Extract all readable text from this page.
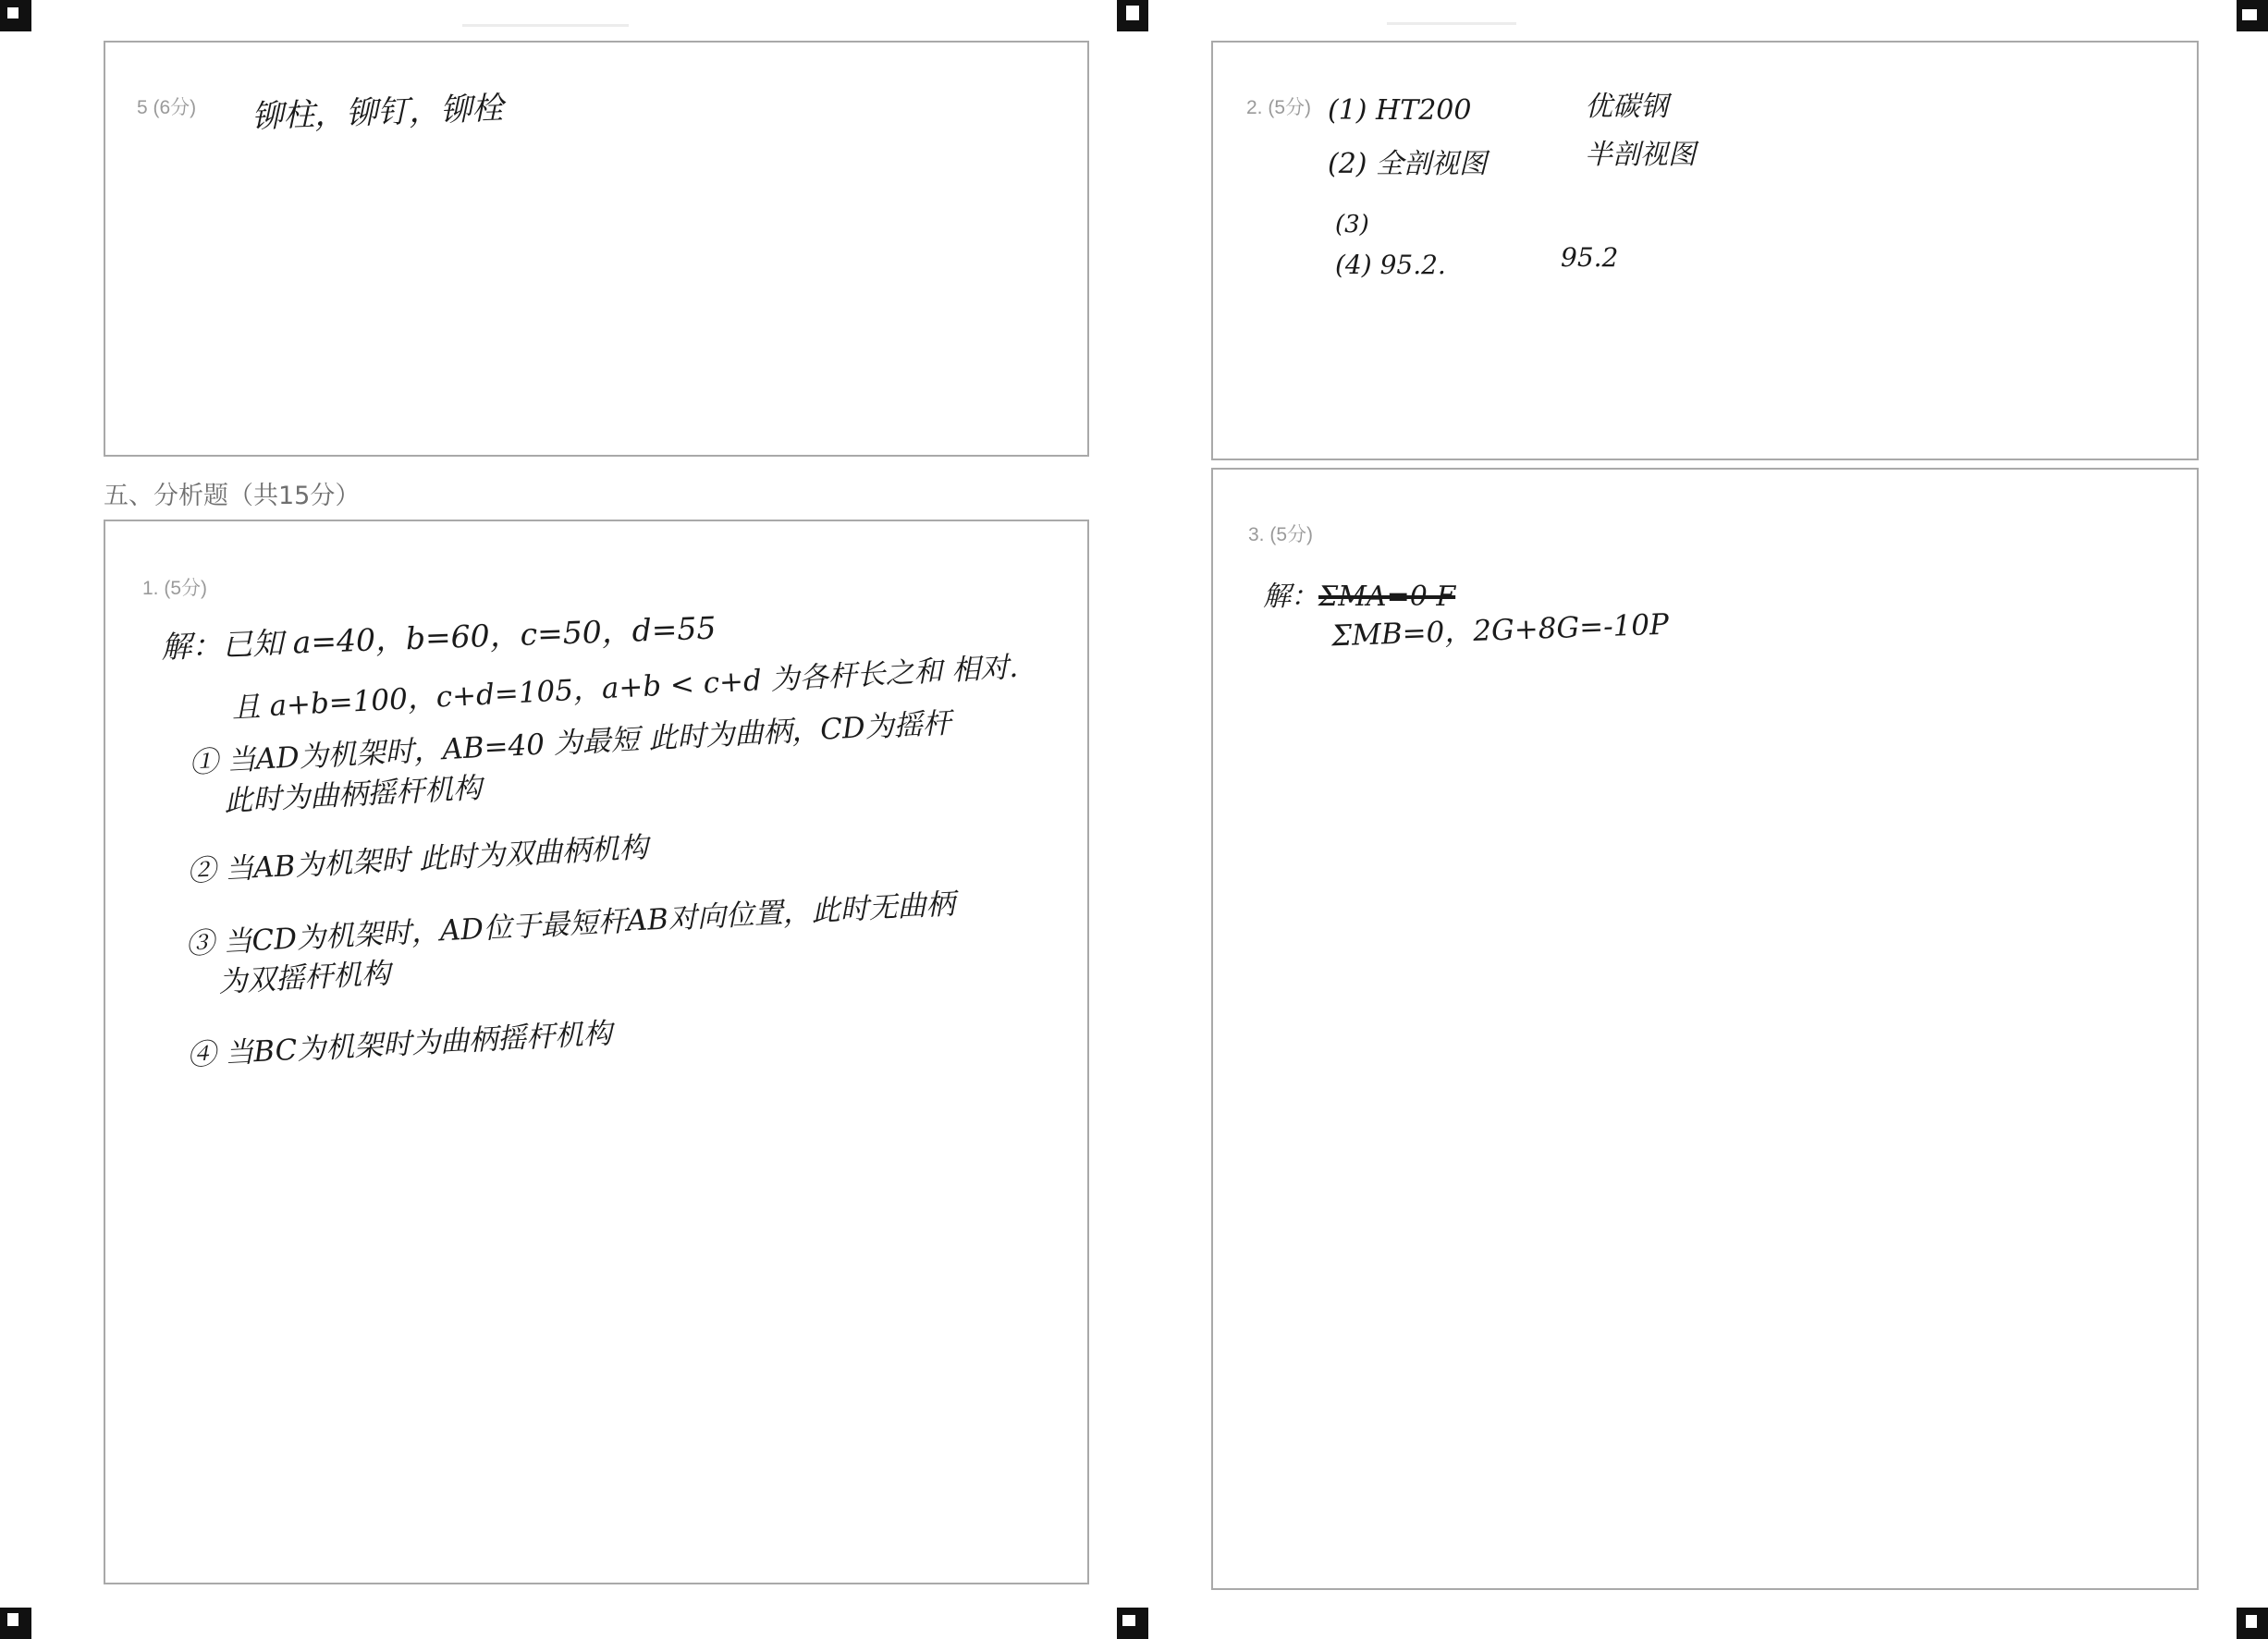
5 (6分) 铆柱，铆钉，铆栓
五、分析题（共15分）
1. (5分)
解：已知 a=40，b=60，c=50，d=55
且 a+b=100，c+d=105，a+b < c+d 为各杆长之和 相对.
① 当AD为机架时，AB=40 为最短 此时为曲柄，CD为摇杆
此时为曲柄摇杆机构
② 当AB为机架时 此时为双曲柄机构
③ 当CD为机架时，AD位于最短杆AB对向位置，此时无曲柄
为双摇杆机构
④ 当BC为机架时为曲柄摇杆机构
2. (5分) (1) HT200	优碳钢
(2) 全剖视图	半剖视图
(3)
(4) 95.2.	95.2
3. (5分)
解：ΣMA=0 F
ΣMB=0，2G+8G=-10P
